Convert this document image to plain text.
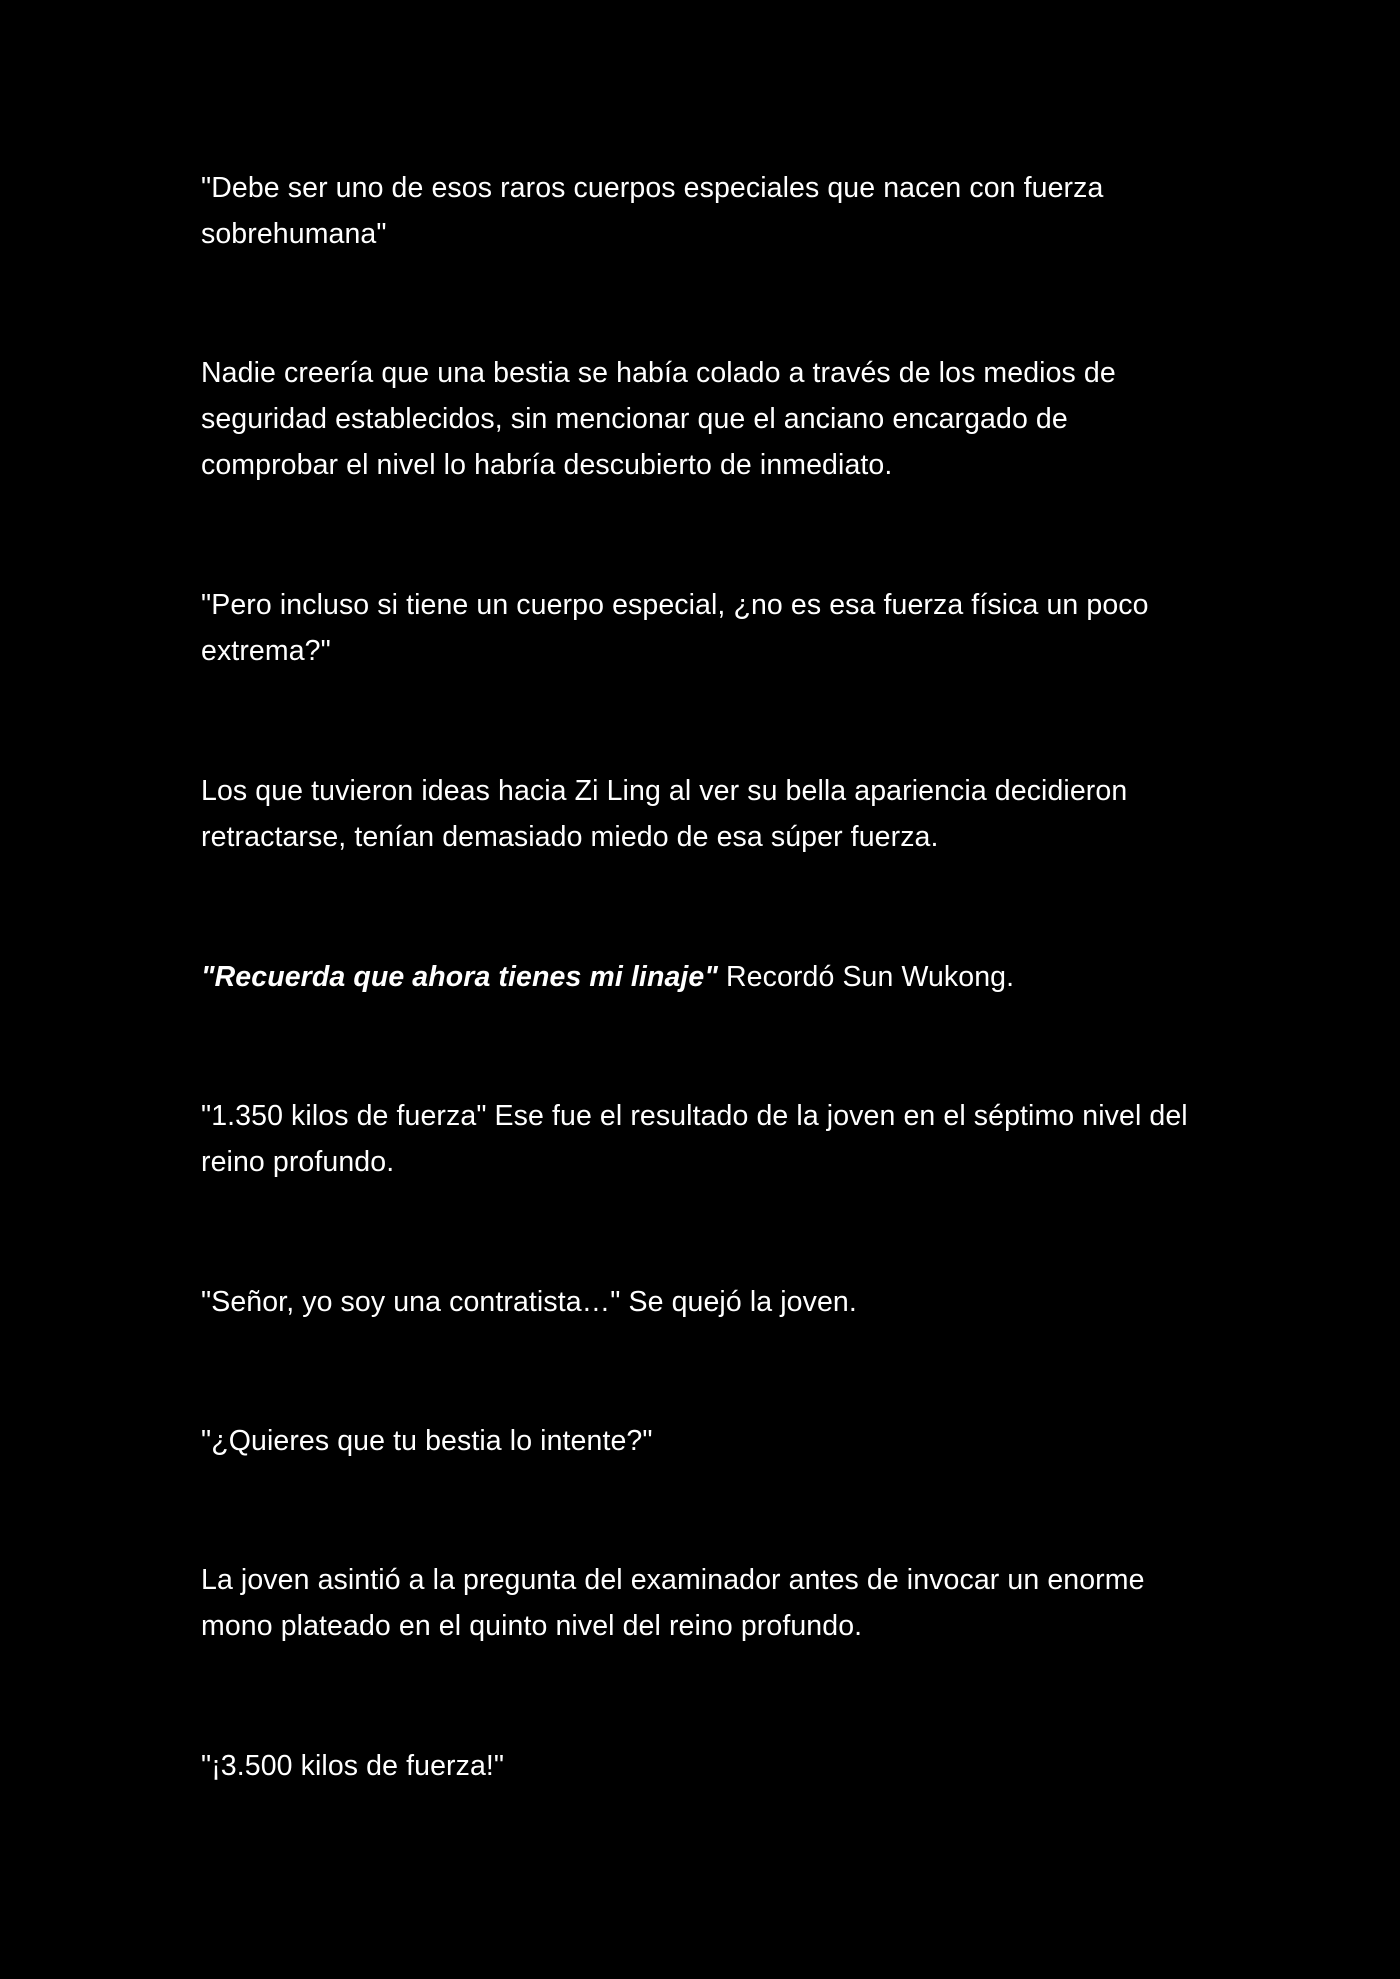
"Debe ser uno de esos raros cuerpos especiales que nacen con fuerza sobrehumana"

Nadie creería que una bestia se había colado a través de los medios de seguridad establecidos, sin mencionar que el anciano encargado de comprobar el nivel lo habría descubierto de inmediato.

"Pero incluso si tiene un cuerpo especial, ¿no es esa fuerza física un poco extrema?"

Los que tuvieron ideas hacia Zi Ling al ver su bella apariencia decidieron retractarse, tenían demasiado miedo de esa súper fuerza.

"Recuerda que ahora tienes mi linaje" Recordó Sun Wukong.

"1.350 kilos de fuerza" Ese fue el resultado de la joven en el séptimo nivel del reino profundo.

"Señor, yo soy una contratista…" Se quejó la joven.

"¿Quieres que tu bestia lo intente?"

La joven asintió a la pregunta del examinador antes de invocar un enorme mono plateado en el quinto nivel del reino profundo.

"¡3.500 kilos de fuerza!"
